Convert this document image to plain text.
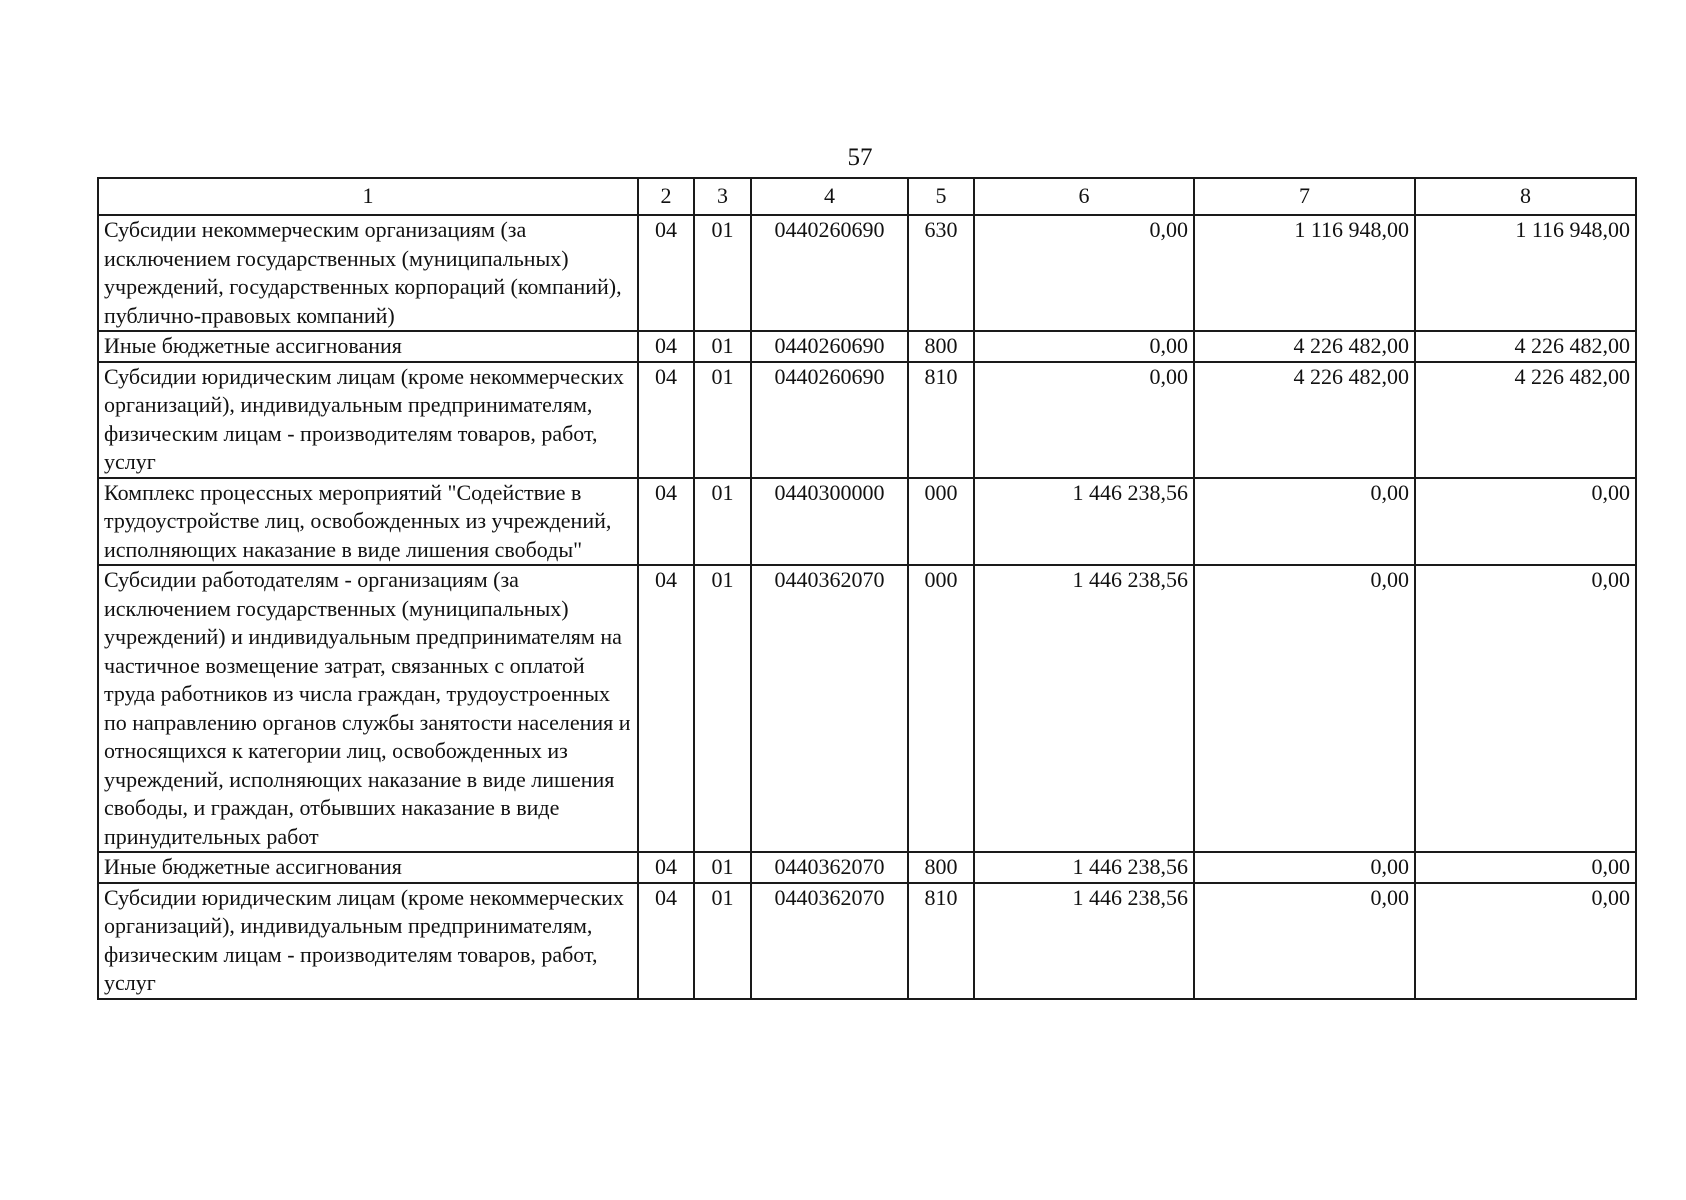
57
1	2	3	4	5	6	7	8
Субсидии некоммерческим организациям (за исключением государственных (муниципальных) учреждений, государственных корпораций (компаний), публично-правовых компаний)	04	01	0440260690	630	0,00	1 116 948,00	1 116 948,00
Иные бюджетные ассигнования	04	01	0440260690	800	0,00	4 226 482,00	4 226 482,00
Субсидии юридическим лицам (кроме некоммерческих организаций), индивидуальным предпринимателям, физическим лицам - производителям товаров, работ, услуг	04	01	0440260690	810	0,00	4 226 482,00	4 226 482,00
Комплекс процессных мероприятий "Содействие в трудоустройстве лиц, освобожденных из учреждений, исполняющих наказание в виде лишения свободы"	04	01	0440300000	000	1 446 238,56	0,00	0,00
Субсидии работодателям - организациям (за исключением государственных (муниципальных) учреждений) и индивидуальным предпринимателям на частичное возмещение затрат, связанных с оплатой труда работников из числа граждан, трудоустроенных по направлению органов службы занятости населения и относящихся к категории лиц, освобожденных из учреждений, исполняющих наказание в виде лишения свободы, и граждан, отбывших наказание в виде принудительных работ	04	01	0440362070	000	1 446 238,56	0,00	0,00
Иные бюджетные ассигнования	04	01	0440362070	800	1 446 238,56	0,00	0,00
Субсидии юридическим лицам (кроме некоммерческих организаций), индивидуальным предпринимателям, физическим лицам - производителям товаров, работ, услуг	04	01	0440362070	810	1 446 238,56	0,00	0,00
